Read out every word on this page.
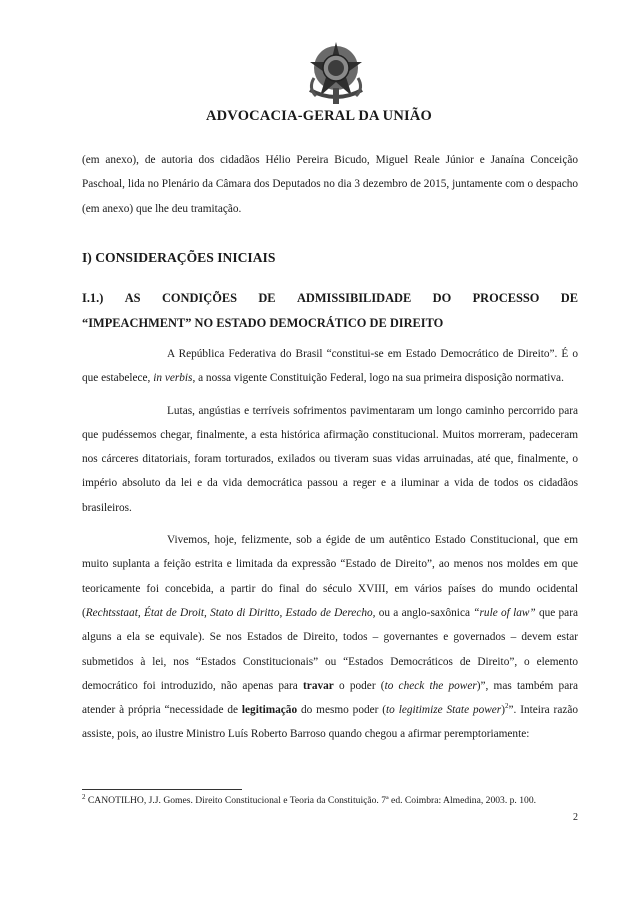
ADVOCACIA-GERAL DA UNIÃO

(em anexo), de autoria dos cidadãos Hélio Pereira Bicudo, Miguel Reale Júnior e Janaína Conceição Paschoal, lida no Plenário da Câmara dos Deputados no dia 3 dezembro de 2015, juntamente com o despacho (em anexo) que lhe deu tramitação.

I) CONSIDERAÇÕES INICIAIS
I.1.) AS CONDIÇÕES DE ADMISSIBILIDADE DO PROCESSO DE
“IMPEACHMENT” NO ESTADO DEMOCRÁTICO DE DIREITO

A República Federativa do Brasil “constitui-se em Estado Democrático de Direito”. É o que estabelece, in verbis, a nossa vigente Constituição Federal, logo na sua primeira disposição normativa.

Lutas, angústias e terríveis sofrimentos pavimentaram um longo caminho percorrido para que pudéssemos chegar, finalmente, a esta histórica afirmação constitucional. Muitos morreram, padeceram nos cárceres ditatoriais, foram torturados, exilados ou tiveram suas vidas arruinadas, até que, finalmente, o império absoluto da lei e da vida democrática passou a reger e a iluminar a vida de todos os cidadãos brasileiros.

Vivemos, hoje, felizmente, sob a égide de um autêntico Estado Constitucional, que em muito suplanta a feição estrita e limitada da expressão “Estado de Direito”, ao menos nos moldes em que teoricamente foi concebida, a partir do final do século XVIII, em vários países do mundo ocidental (Rechtsstaat, État de Droit, Stato di Diritto, Estado de Derecho, ou a anglo-saxônica “rule of law” que para alguns a ela se equivale). Se nos Estados de Direito, todos – governantes e governados – devem estar submetidos à lei, nos “Estados Constitucionais” ou “Estados Democráticos de Direito”, o elemento democrático foi introduzido, não apenas para travar o poder (to check the power)”, mas também para atender à própria “necessidade de legitimação do mesmo poder (to legitimize State power)$^2$”. Inteira razão assiste, pois, ao ilustre Ministro Luís Roberto Barroso quando chegou a afirmar peremptoriamente:

$^2$ CANOTILHO, J.J. Gomes. Direito Constitucional e Teoria da Constituição. 7ª ed. Coimbra: Almedina, 2003. p. 100.
2
